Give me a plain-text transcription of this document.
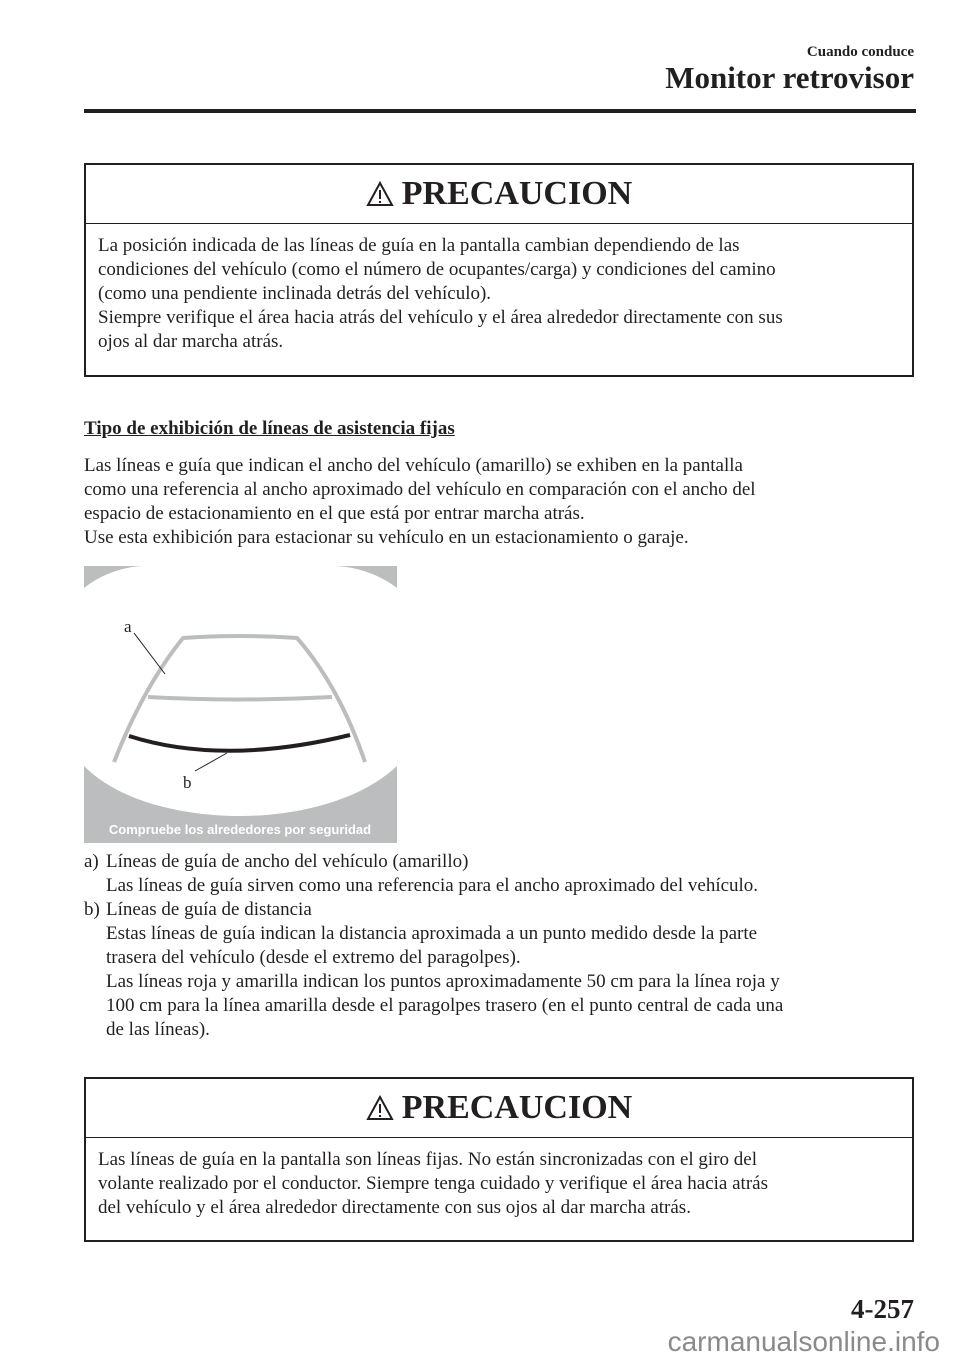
Cuando conduce
Monitor retrovisor
PRECAUCION
La posición indicada de las líneas de guía en la pantalla cambian dependiendo de las
condiciones del vehículo (como el número de ocupantes/carga) y condiciones del camino
(como una pendiente inclinada detrás del vehículo).
Siempre verifique el área hacia atrás del vehículo y el área alrededor directamente con sus
ojos al dar marcha atrás.
Tipo de exhibición de líneas de asistencia fijas
Las líneas e guía que indican el ancho del vehículo (amarillo) se exhiben en la pantalla
como una referencia al ancho aproximado del vehículo en comparación con el ancho del
espacio de estacionamiento en el que está por entrar marcha atrás.
Use esta exhibición para estacionar su vehículo en un estacionamiento o garaje.
a
b
Compruebe los alrededores por seguridad
a) Líneas de guía de ancho del vehículo (amarillo)
Las líneas de guía sirven como una referencia para el ancho aproximado del vehículo.
b) Líneas de guía de distancia
Estas líneas de guía indican la distancia aproximada a un punto medido desde la parte
trasera del vehículo (desde el extremo del paragolpes).
Las líneas roja y amarilla indican los puntos aproximadamente 50 cm para la línea roja y
100 cm para la línea amarilla desde el paragolpes trasero (en el punto central de cada una
de las líneas).
PRECAUCION
Las líneas de guía en la pantalla son líneas fijas. No están sincronizadas con el giro del
volante realizado por el conductor. Siempre tenga cuidado y verifique el área hacia atrás
del vehículo y el área alrededor directamente con sus ojos al dar marcha atrás.
4-257
carmanualsonline.info
